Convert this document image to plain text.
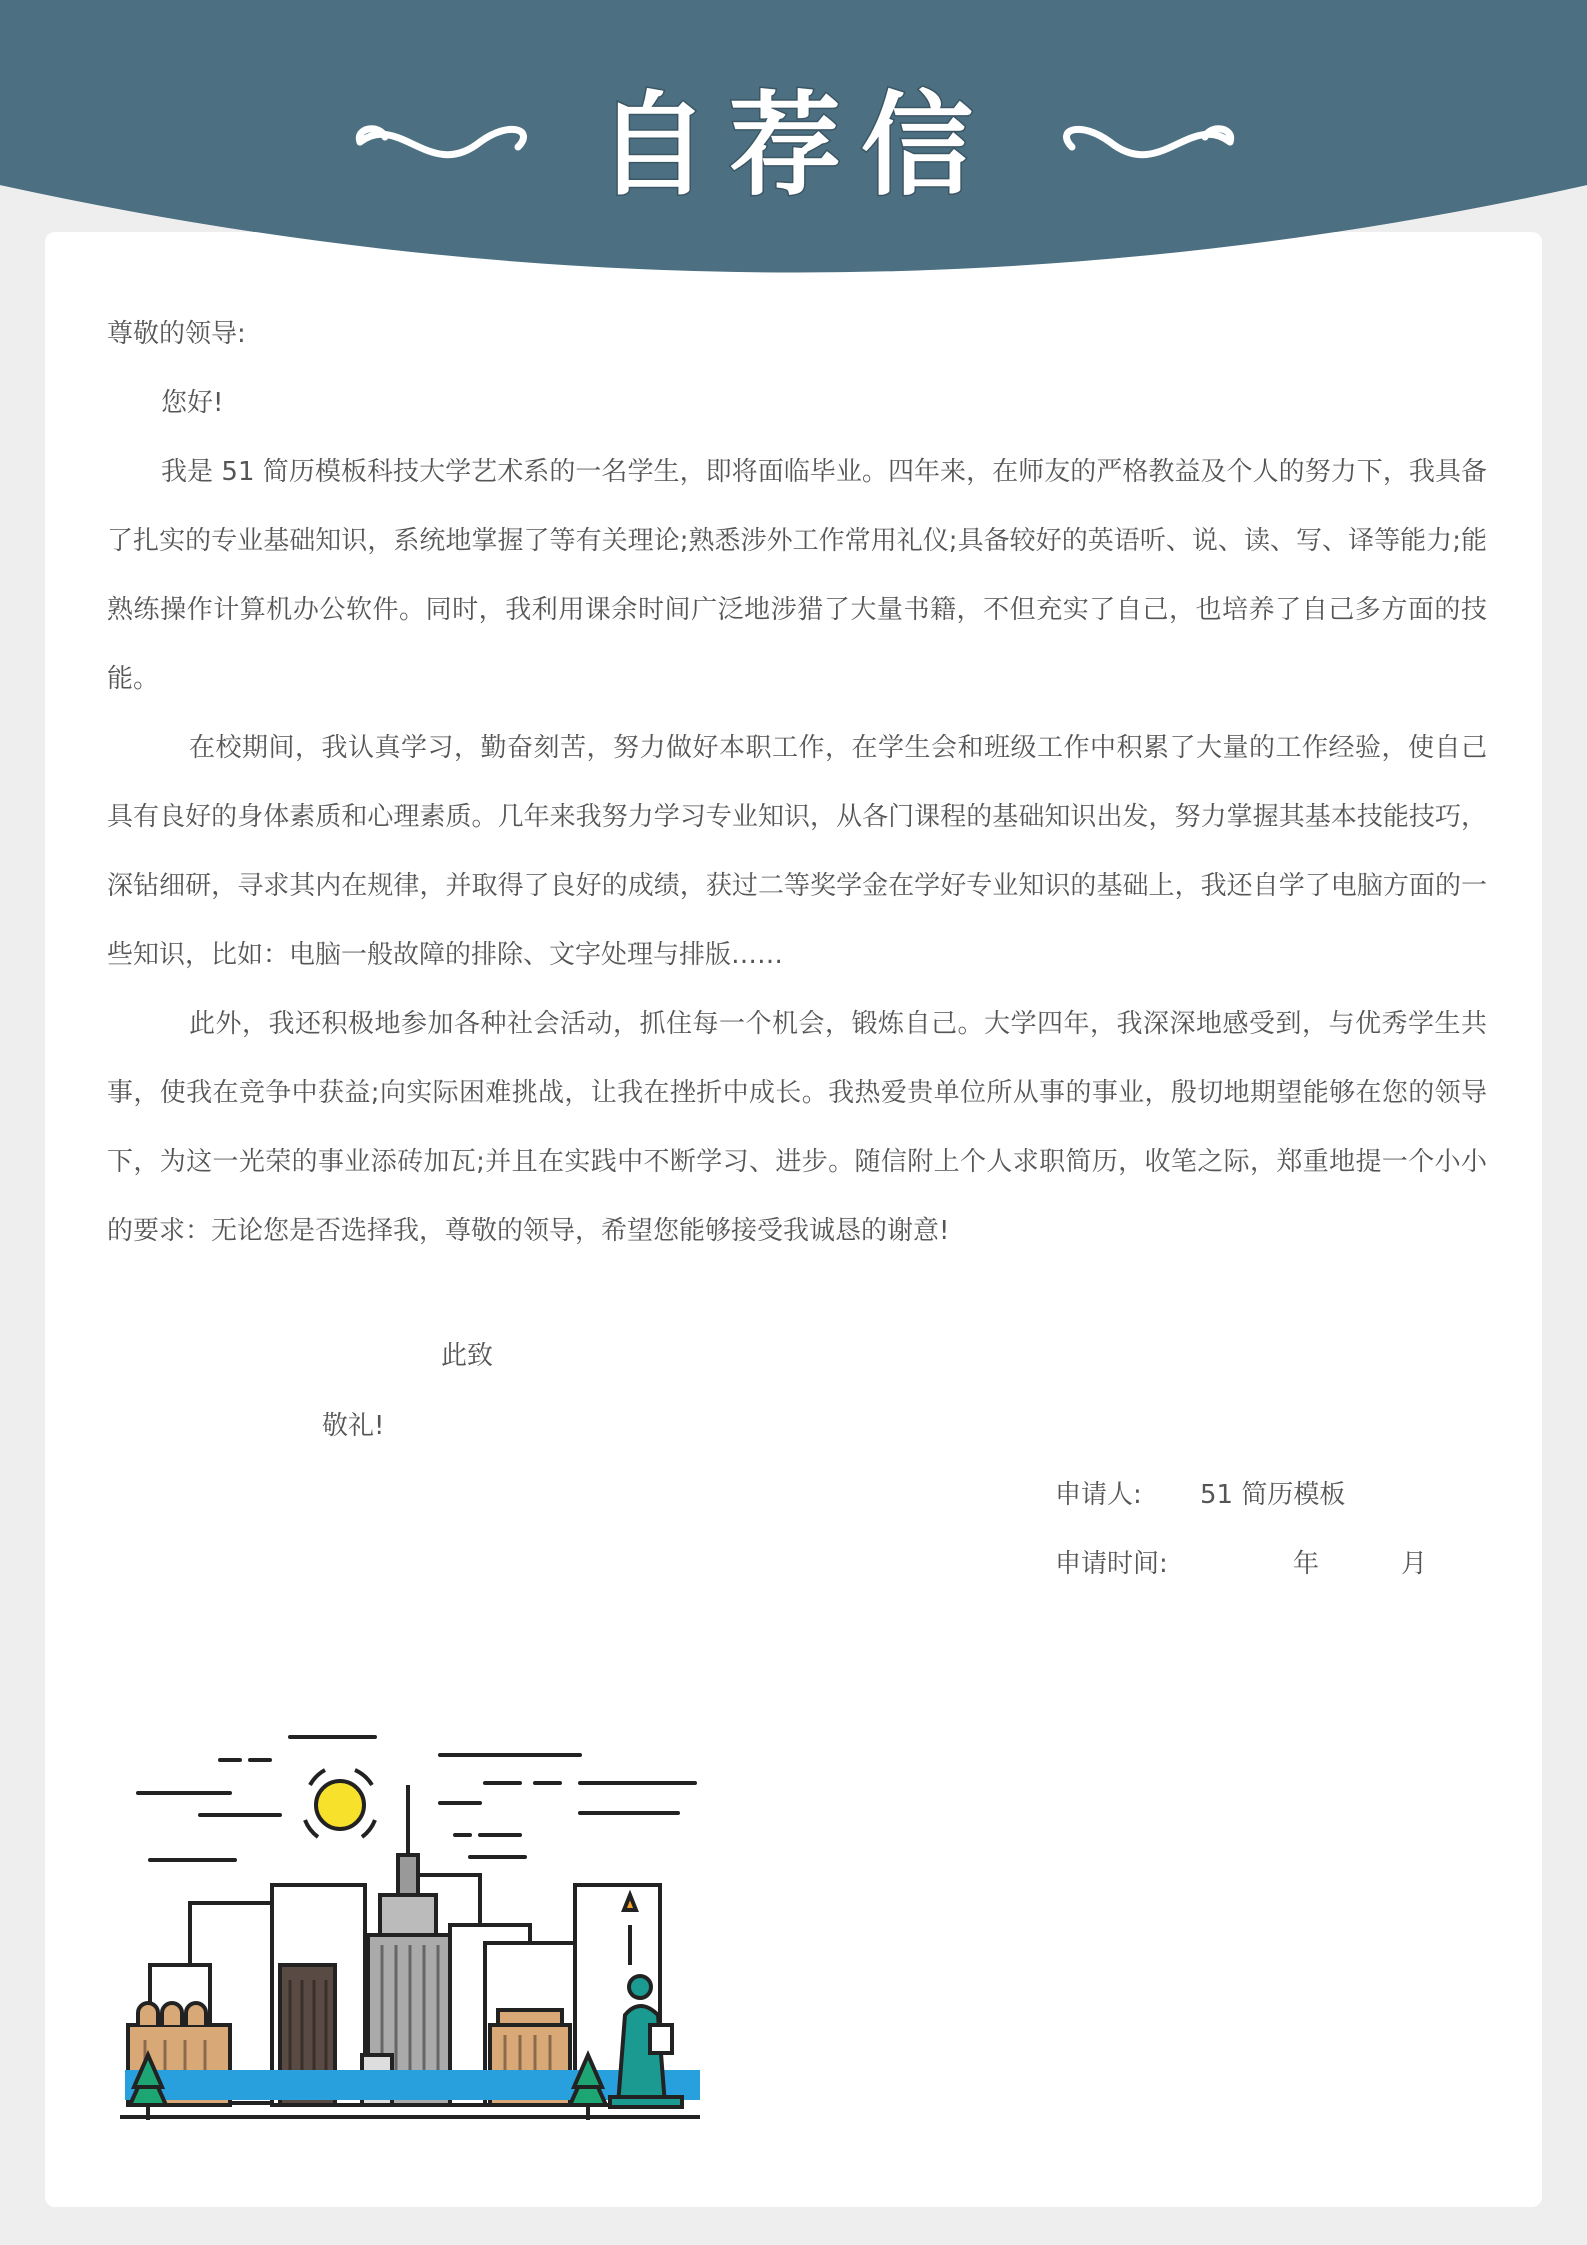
自荐信

尊敬的领导:

您好!

我是 51 简历模板科技大学艺术系的一名学生，即将面临毕业。四年来，在师友的严格教益及个人的努力下，我具备了扎实的专业基础知识，系统地掌握了等有关理论;熟悉涉外工作常用礼仪;具备较好的英语听、说、读、写、译等能力;能熟练操作计算机办公软件。同时，我利用课余时间广泛地涉猎了大量书籍，不但充实了自己，也培养了自己多方面的技能。

在校期间，我认真学习，勤奋刻苦，努力做好本职工作，在学生会和班级工作中积累了大量的工作经验，使自己具有良好的身体素质和心理素质。几年来我努力学习专业知识，从各门课程的基础知识出发，努力掌握其基本技能技巧，深钻细研，寻求其内在规律，并取得了良好的成绩，获过二等奖学金在学好专业知识的基础上，我还自学了电脑方面的一些知识，比如：电脑一般故障的排除、文字处理与排版……

此外，我还积极地参加各种社会活动，抓住每一个机会，锻炼自己。大学四年，我深深地感受到，与优秀学生共事，使我在竞争中获益;向实际困难挑战，让我在挫折中成长。我热爱贵单位所从事的事业，殷切地期望能够在您的领导下，为这一光荣的事业添砖加瓦;并且在实践中不断学习、进步。随信附上个人求职简历，收笔之际，郑重地提一个小小的要求：无论您是否选择我，尊敬的领导，希望您能够接受我诚恳的谢意!

此致
敬礼!
申请人: 51 简历模板
申请时间:	年	月
